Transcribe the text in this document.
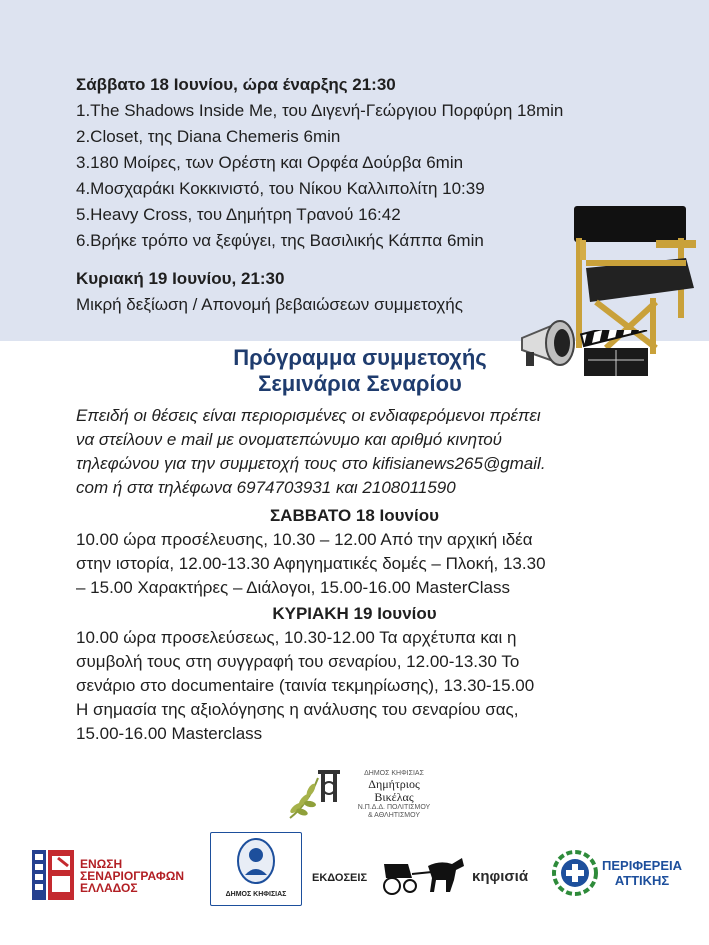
Σάββατο 18 Ιουνίου, ώρα έναρξης 21:30
1.The Shadows Inside Me, του Διγενή-Γεώργιου Πορφύρη 18min
2.Closet, της Diana Chemeris 6min
3.180 Μοίρες, των Ορέστη και Ορφέα Δούρβα 6min
4.Μοσχαράκι Κοκκινιστό, του Νίκου Καλλιπολίτη 10:39
5.Heavy Cross, του Δημήτρη Τρανού 16:42
6.Βρήκε τρόπο να ξεφύγει, της Βασιλικής Κάππα 6min
Κυριακή 19 Ιουνίου, 21:30
Μικρή δεξίωση / Απονομή βεβαιώσεων συμμετοχής
Πρόγραμμα συμμετοχής
Σεμινάρια Σεναρίου
Επειδή οι θέσεις είναι περιορισμένες οι ενδιαφερόμενοι πρέπει
να στείλουν e mail με ονοματεπώνυμο και αριθμό κινητού
τηλεφώνου για την συμμετοχή τους στο kifisianews265@gmail.
com ή στα τηλέφωνα 6974703931 και 2108011590
ΣΑΒΒΑΤΟ 18 Ιουνίου
10.00 ώρα προσέλευσης, 10.30 – 12.00 Από την αρχική ιδέα
στην ιστορία, 12.00-13.30 Αφηγηματικές δομές – Πλοκή, 13.30
– 15.00 Χαρακτήρες – Διάλογοι, 15.00-16.00 MasterClass
ΚΥΡΙΑΚΗ 19 Ιουνίου
10.00 ώρα προσελεύσεως, 10.30-12.00 Τα αρχέτυπα και η
συμβολή τους στη συγγραφή του σεναρίου, 12.00-13.30 Το
σενάριο στο documentaire (ταινία τεκμηρίωσης), 13.30-15.00
Η σημασία της αξιολόγησης η ανάλυσης του σεναρίου σας,
15.00-16.00 Masterclass
ΔΗΜΟΣ ΚΗΦΙΣΙΑΣ
Δημήτριος
Βικέλας
Ν.Π.Δ.Δ. ΠΟΛΙΤΙΣΜΟΥ
& ΑΘΛΗΤΙΣΜΟΥ
ΕΝΩΣΗ
ΣΕΝΑΡΙΟΓΡΑΦΩΝ
ΕΛΛΑΔΟΣ	ΔΗΜΟΣ ΚΗΦΙΣΙΑΣ
ΕΚΔΟΣΕΙΣ	κηφισιά
ΠΕΡΙΦΕΡΕΙΑ
ΑΤΤΙΚΗΣ
